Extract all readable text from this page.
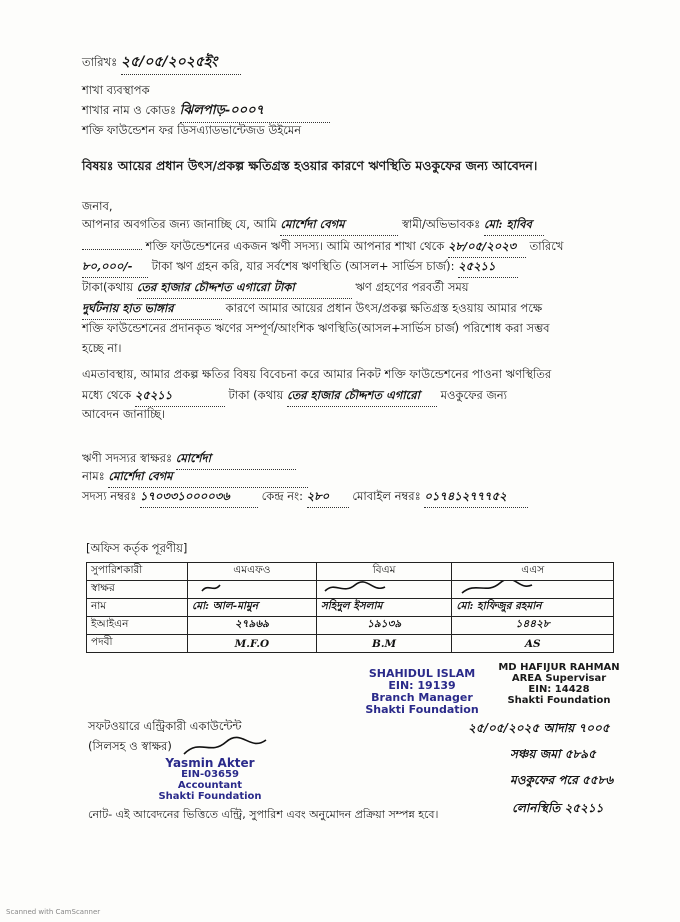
তারিখঃ ২৫/০৫/২০২৫ইং
শাখা ব্যবস্থাপক
শাখার নাম ও কোডঃ ঝিলপাড়-০০০৭
শক্তি ফাউন্ডেশন ফর ডিসএ্যাডভান্টেজড উইমেন
বিষয়ঃ আয়ের প্রধান উৎস/প্রকল্প ক্ষতিগ্রস্ত হওয়ার কারণে ঋণস্থিতি মওকুফের জন্য আবেদন।
জনাব,
আপনার অবগতির জন্য জানাচ্ছি যে, আমি মোর্শেদা বেগম	স্বামী/অভিভাবকঃ মো: হাবিব
শক্তি ফাউন্ডেশনের একজন ঋণী সদস্য। আমি আপনার শাখা থেকে ২৮/০৫/২০২৩ তারিখে
৮০,০০০/- টাকা ঋণ গ্রহন করি, যার সর্বশেষ ঋণস্থিতি (আসল+ সার্ভিস চার্জ): ২৫২১১
টাকা(কথায় তের হাজার চৌদ্দশত এগারো টাকা	ঋণ গ্রহণের পরবর্তী সময়
দুর্ঘটনায় হাত ভাঙ্গার	কারণে আমার আয়ের প্রধান উৎস/প্রকল্প ক্ষতিগ্রস্ত হওয়ায় আমার পক্ষে
শক্তি ফাউন্ডেশনের প্রদানকৃত ঋণের সম্পূর্ণ/আংশিক ঋণস্থিতি(আসল+সার্ভিস চার্জ) পরিশোধ করা সম্ভব
হচ্ছে না।
এমতাবস্থায়, আমার প্রকল্প ক্ষতির বিষয় বিবেচনা করে আমার নিকট শক্তি ফাউন্ডেশনের পাওনা ঋণস্থিতির
মধ্যে থেকে ২৫২১১	টাকা (কথায় তের হাজার চৌদ্দশত এগারো মওকুফের জন্য
আবেদন জানাচ্ছি।
ঋণী সদস্যর স্বাক্ষরঃ মোর্শেদা
নামঃ মোর্শেদা বেগম
সদস্য নম্বরঃ ১৭০৩৩১০০০০৩৬	কেন্দ্র নং: ২৮০ মোবাইল নম্বরঃ ০১৭৪১২৭৭৭৫২
[অফিস কর্তৃক পূরণীয়]
সুপারিশকারী	এমএফও	বিএম	এএস
স্বাক্ষর			
নাম	মো: আল-মামুন	সহিদুল ইসলাম	মো: হাফিজুর রহমান
ইআইএন	২৭৯৬৯	১৯১৩৯	১৪৪২৮
পদবী	M.F.O	B.M	AS
SHAHIDUL ISLAM
EIN: 19139
Branch Manager
Shakti Foundation
MD HAFIJUR RAHMAN
AREA Supervisar
EIN: 14428
Shakti Foundation
সফটওয়ারে এন্ট্রিকারী একাউন্টেন্ট
(সিলসহ ও স্বাক্ষর)
Yasmin Akter
EIN-03659
Accountant
Shakti Foundation
২৫/০৫/২০২৫ আদায় ৭০০৫
সঞ্চয় জমা ৫৮৯৫
মওকুফের পরে ৫৫৮৬
লোনস্থিতি ২৫২১১
নোট- এই আবেদনের ভিত্তিতে এন্ট্রি, সুপারিশ এবং অনুমোদন প্রক্রিয়া সম্পন্ন হবে।
Scanned with CamScanner
